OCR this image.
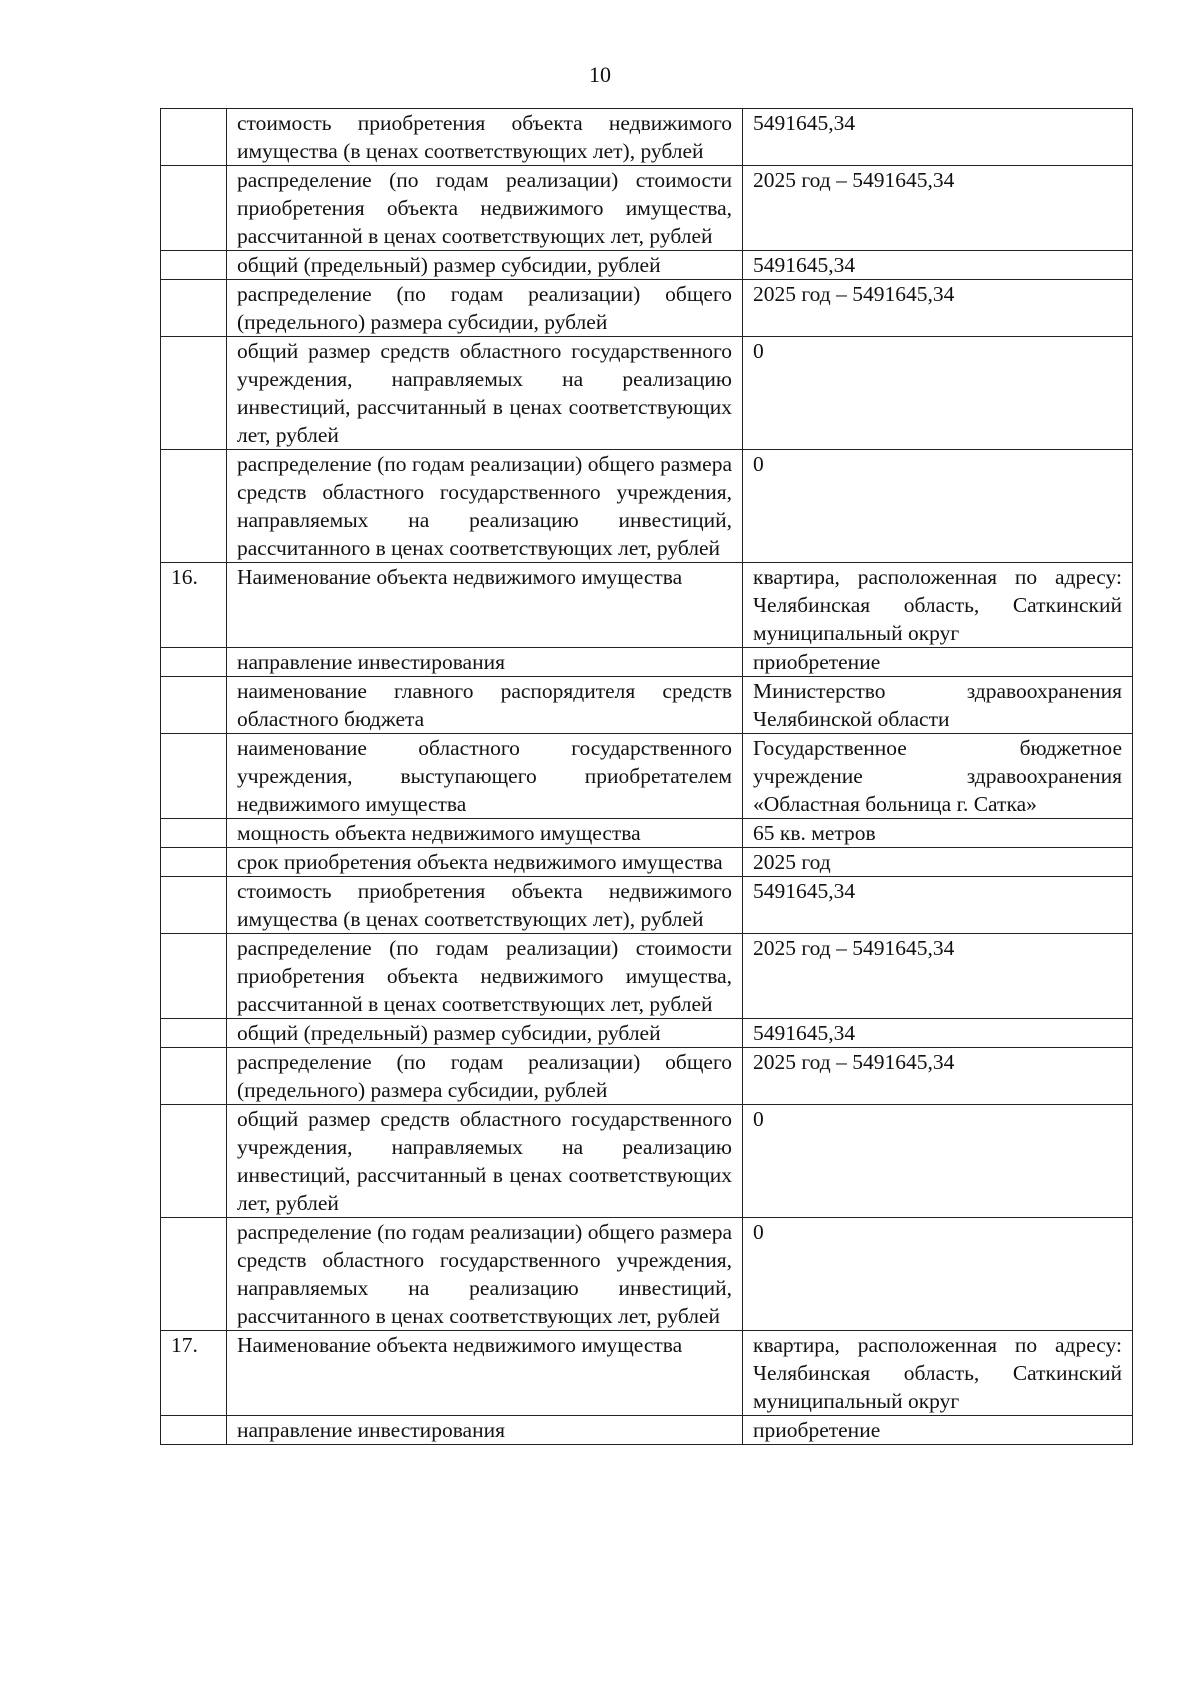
10
	стоимость приобретения объекта недвижимого имущества (в ценах соответствующих лет), рублей	5491645,34
	распределение (по годам реализации) стоимости приобретения объекта недвижимого имущества, рассчитанной в ценах соответствующих лет, рублей	2025 год – 5491645,34
	общий (предельный) размер субсидии, рублей	5491645,34
	распределение (по годам реализации) общего (предельного) размера субсидии, рублей	2025 год – 5491645,34
	общий размер средств областного государственного учреждения, направляемых на реализацию инвестиций, рассчитанный в ценах соответствующих лет, рублей	0
	распределение (по годам реализации) общего размера средств областного государственного учреждения, направляемых на реализацию инвестиций, рассчитанного в ценах соответствующих лет, рублей	0
16.	Наименование объекта недвижимого имущества	квартира, расположенная по адресу: Челябинская область, Саткинский муниципальный округ
	направление инвестирования	приобретение
	наименование главного распорядителя средств областного бюджета	Министерство здравоохранения Челябинской области
	наименование областного государственного учреждения, выступающего приобретателем недвижимого имущества	Государственное бюджетное учреждение здравоохранения «Областная больница г. Сатка»
	мощность объекта недвижимого имущества	65 кв. метров
	срок приобретения объекта недвижимого имущества	2025 год
	стоимость приобретения объекта недвижимого имущества (в ценах соответствующих лет), рублей	5491645,34
	распределение (по годам реализации) стоимости приобретения объекта недвижимого имущества, рассчитанной в ценах соответствующих лет, рублей	2025 год – 5491645,34
	общий (предельный) размер субсидии, рублей	5491645,34
	распределение (по годам реализации) общего (предельного) размера субсидии, рублей	2025 год – 5491645,34
	общий размер средств областного государственного учреждения, направляемых на реализацию инвестиций, рассчитанный в ценах соответствующих лет, рублей	0
	распределение (по годам реализации) общего размера средств областного государственного учреждения, направляемых на реализацию инвестиций, рассчитанного в ценах соответствующих лет, рублей	0
17.	Наименование объекта недвижимого имущества	квартира, расположенная по адресу: Челябинская область, Саткинский муниципальный округ
	направление инвестирования	приобретение
